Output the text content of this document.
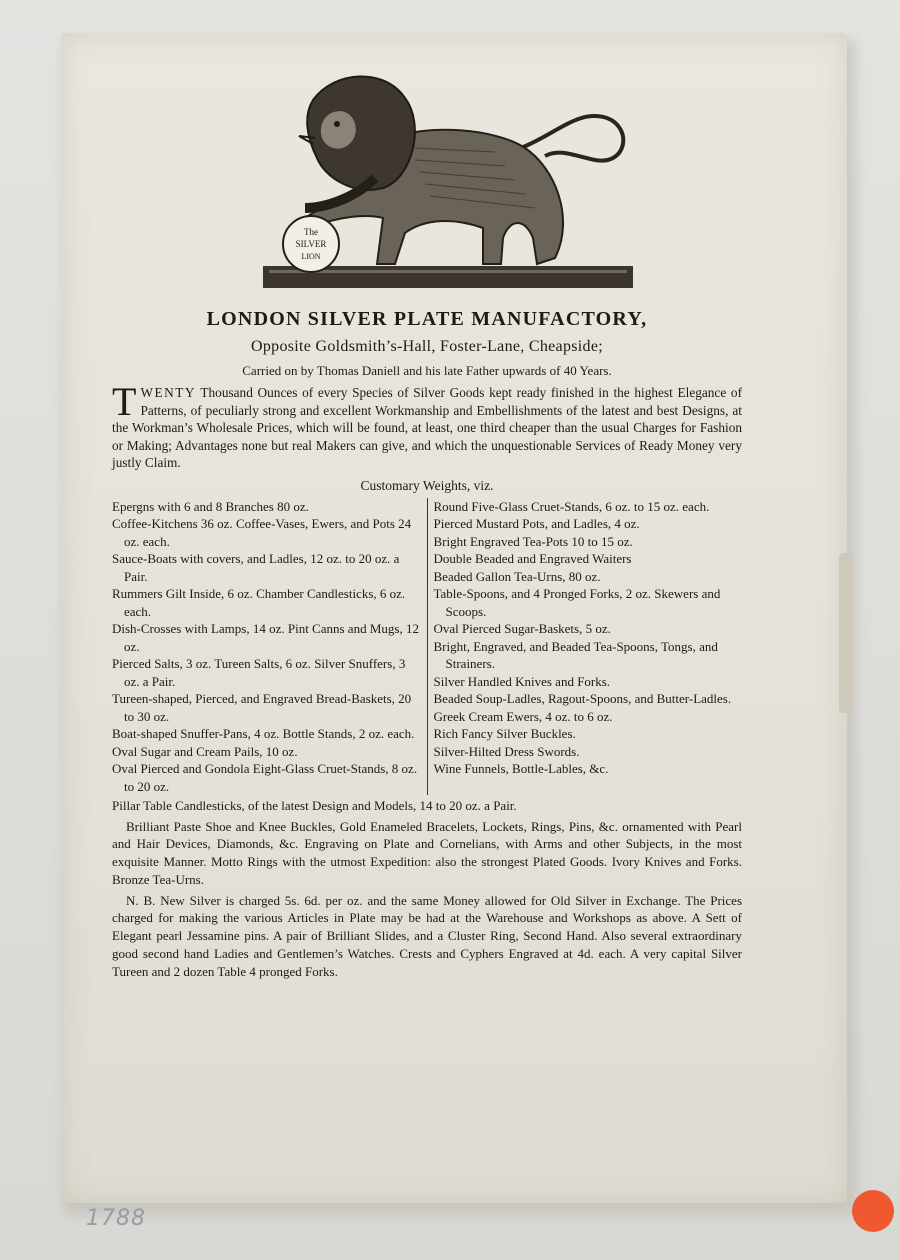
The
SILVER
LION
LONDON SILVER PLATE MANUFACTORY,

Opposite Goldsmith’s-Hall, Foster-Lane, Cheapside;

Carried on by Thomas Daniell and his late Father upwards of 40 Years.

TWENTY Thousand Ounces of every Species of Silver Goods kept ready finished in the highest Elegance of Patterns, of peculiarly strong and excellent Workmanship and Embellishments of the latest and best Designs, at the Workman’s Wholesale Prices, which will be found, at least, one third cheaper than the usual Charges for Fashion or Making; Advantages none but real Makers can give, and which the unquestionable Services of Ready Money very justly Claim.

Customary Weights, viz.

Epergns with 6 and 8 Branches 80 oz.

Coffee-Kitchens 36 oz. Coffee-Vases, Ewers, and Pots 24 oz. each.

Sauce-Boats with covers, and Ladles, 12 oz. to 20 oz. a Pair.

Rummers Gilt Inside, 6 oz. Chamber Candlesticks, 6 oz. each.

Dish-Crosses with Lamps, 14 oz. Pint Canns and Mugs, 12 oz.

Pierced Salts, 3 oz. Tureen Salts, 6 oz. Silver Snuffers, 3 oz. a Pair.

Tureen-shaped, Pierced, and Engraved Bread-Baskets, 20 to 30 oz.

Boat-shaped Snuffer-Pans, 4 oz. Bottle Stands, 2 oz. each.

Oval Sugar and Cream Pails, 10 oz.

Oval Pierced and Gondola Eight-Glass Cruet-Stands, 8 oz. to 20 oz.

Round Five-Glass Cruet-Stands, 6 oz. to 15 oz. each.

Pierced Mustard Pots, and Ladles, 4 oz.

Bright Engraved Tea-Pots 10 to 15 oz.

Double Beaded and Engraved Waiters

Beaded Gallon Tea-Urns, 80 oz.

Table-Spoons, and 4 Pronged Forks, 2 oz. Skewers and Scoops.

Oval Pierced Sugar-Baskets, 5 oz.

Bright, Engraved, and Beaded Tea-Spoons, Tongs, and Strainers.

Silver Handled Knives and Forks.

Beaded Soup-Ladles, Ragout-Spoons, and Butter-Ladles.

Greek Cream Ewers, 4 oz. to 6 oz.

Rich Fancy Silver Buckles.

Silver-Hilted Dress Swords.

Wine Funnels, Bottle-Lables, &c.

Pillar Table Candlesticks, of the latest Design and Models, 14 to 20 oz. a Pair.

Brilliant Paste Shoe and Knee Buckles, Gold Enameled Bracelets, Lockets, Rings, Pins, &c. ornamented with Pearl and Hair Devices, Diamonds, &c. Engraving on Plate and Cornelians, with Arms and other Subjects, in the most exquisite Manner. Motto Rings with the utmost Expedition: also the strongest Plated Goods. Ivory Knives and Forks. Bronze Tea-Urns.

N. B. New Silver is charged 5s. 6d. per oz. and the same Money allowed for Old Silver in Exchange. The Prices charged for making the various Articles in Plate may be had at the Warehouse and Workshops as above. A Sett of Elegant pearl Jessamine pins. A pair of Brilliant Slides, and a Cluster Ring, Second Hand. Also several extraordinary good second hand Ladies and Gentlemen’s Watches. Crests and Cyphers Engraved at 4d. each. A very capital Silver Tureen and 2 dozen Table 4 pronged Forks.

1788
